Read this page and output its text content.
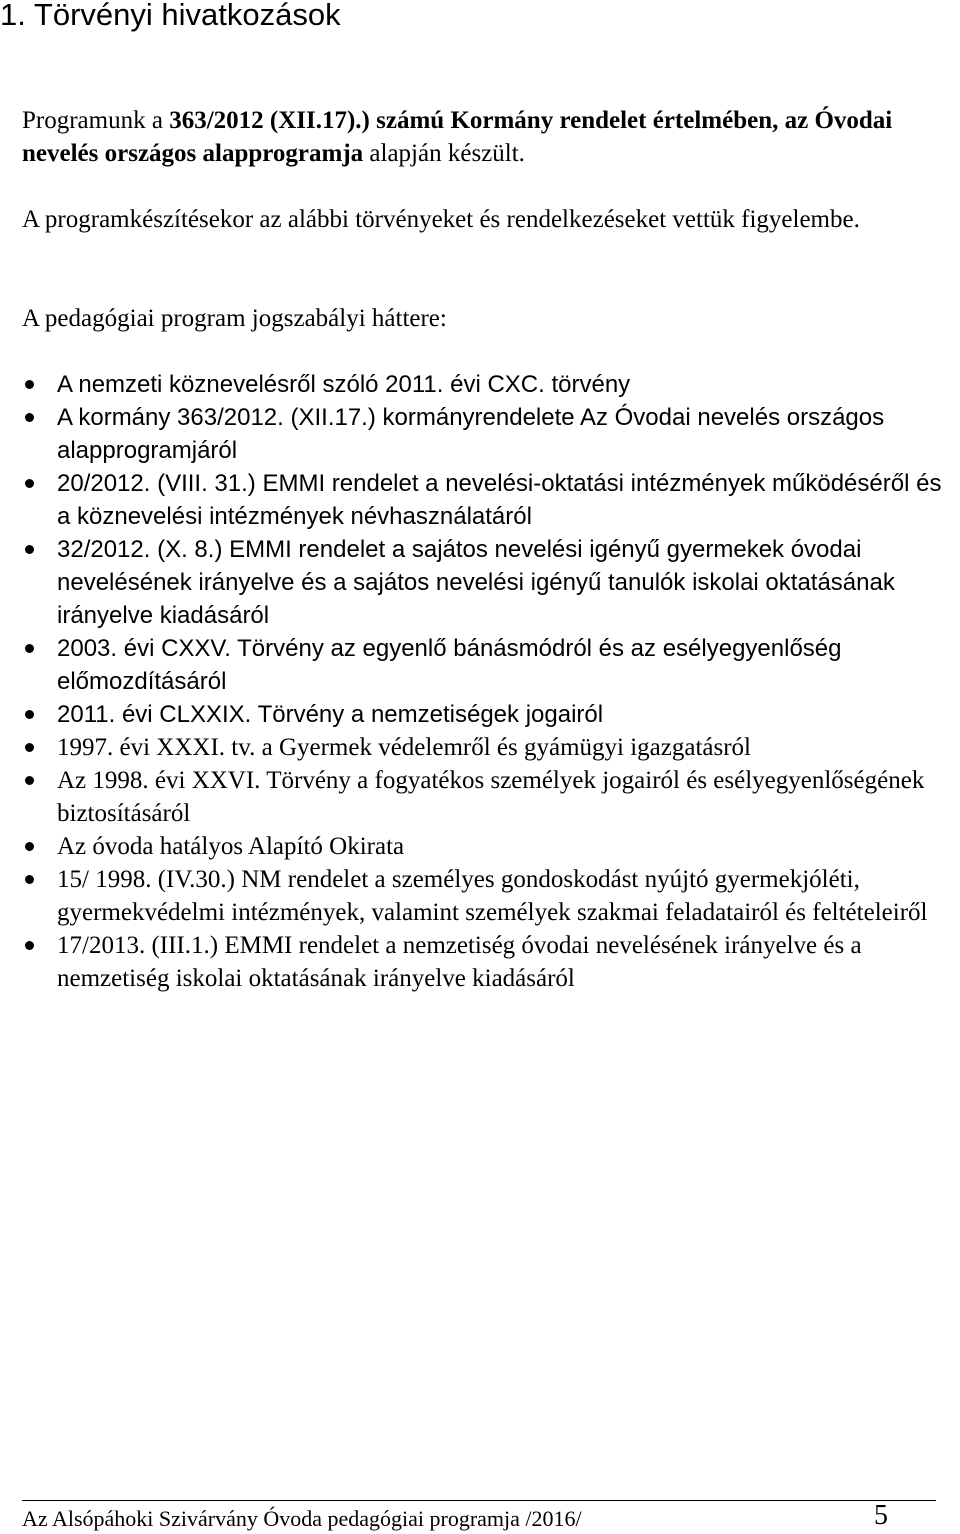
1. Törvényi hivatkozások

Programunk a 363/2012 (XII.17).) számú Kormány rendelet értelmében, az Óvodai nevelés országos alapprogramja alapján készült.

A programkészítésekor az alábbi törvényeket és rendelkezéseket vettük figyelembe.

A pedagógiai program jogszabályi háttere:
A nemzeti köznevelésről szóló 2011. évi CXC. törvény
A kormány 363/2012. (XII.17.) kormányrendelete Az Óvodai nevelés országos alapprogramjáról
20/2012. (VIII. 31.) EMMI rendelet a nevelési-oktatási intézmények működéséről és a köznevelési intézmények névhasználatáról
32/2012. (X. 8.) EMMI rendelet a sajátos nevelési igényű gyermekek óvodai nevelésének irányelve és a sajátos nevelési igényű tanulók iskolai oktatásának irányelve kiadásáról
2003. évi CXXV. Törvény az egyenlő bánásmódról és az esélyegyenlőség előmozdításáról
2011. évi CLXXIX. Törvény a nemzetiségek jogairól
1997. évi XXXI. tv. a Gyermek védelemről és gyámügyi igazgatásról
Az 1998. évi XXVI. Törvény a fogyatékos személyek jogairól és esélyegyenlőségének biztosításáról
Az óvoda hatályos Alapító Okirata
15/ 1998. (IV.30.) NM rendelet a személyes gondoskodást nyújtó gyermekjóléti, gyermekvédelmi intézmények, valamint személyek szakmai feladatairól és feltételeiről
17/2013. (III.1.) EMMI rendelet a nemzetiség óvodai nevelésének irányelve és a nemzetiség iskolai oktatásának irányelve kiadásáról
Az Alsópáhoki Szivárvány Óvoda pedagógiai programja /2016/	5
